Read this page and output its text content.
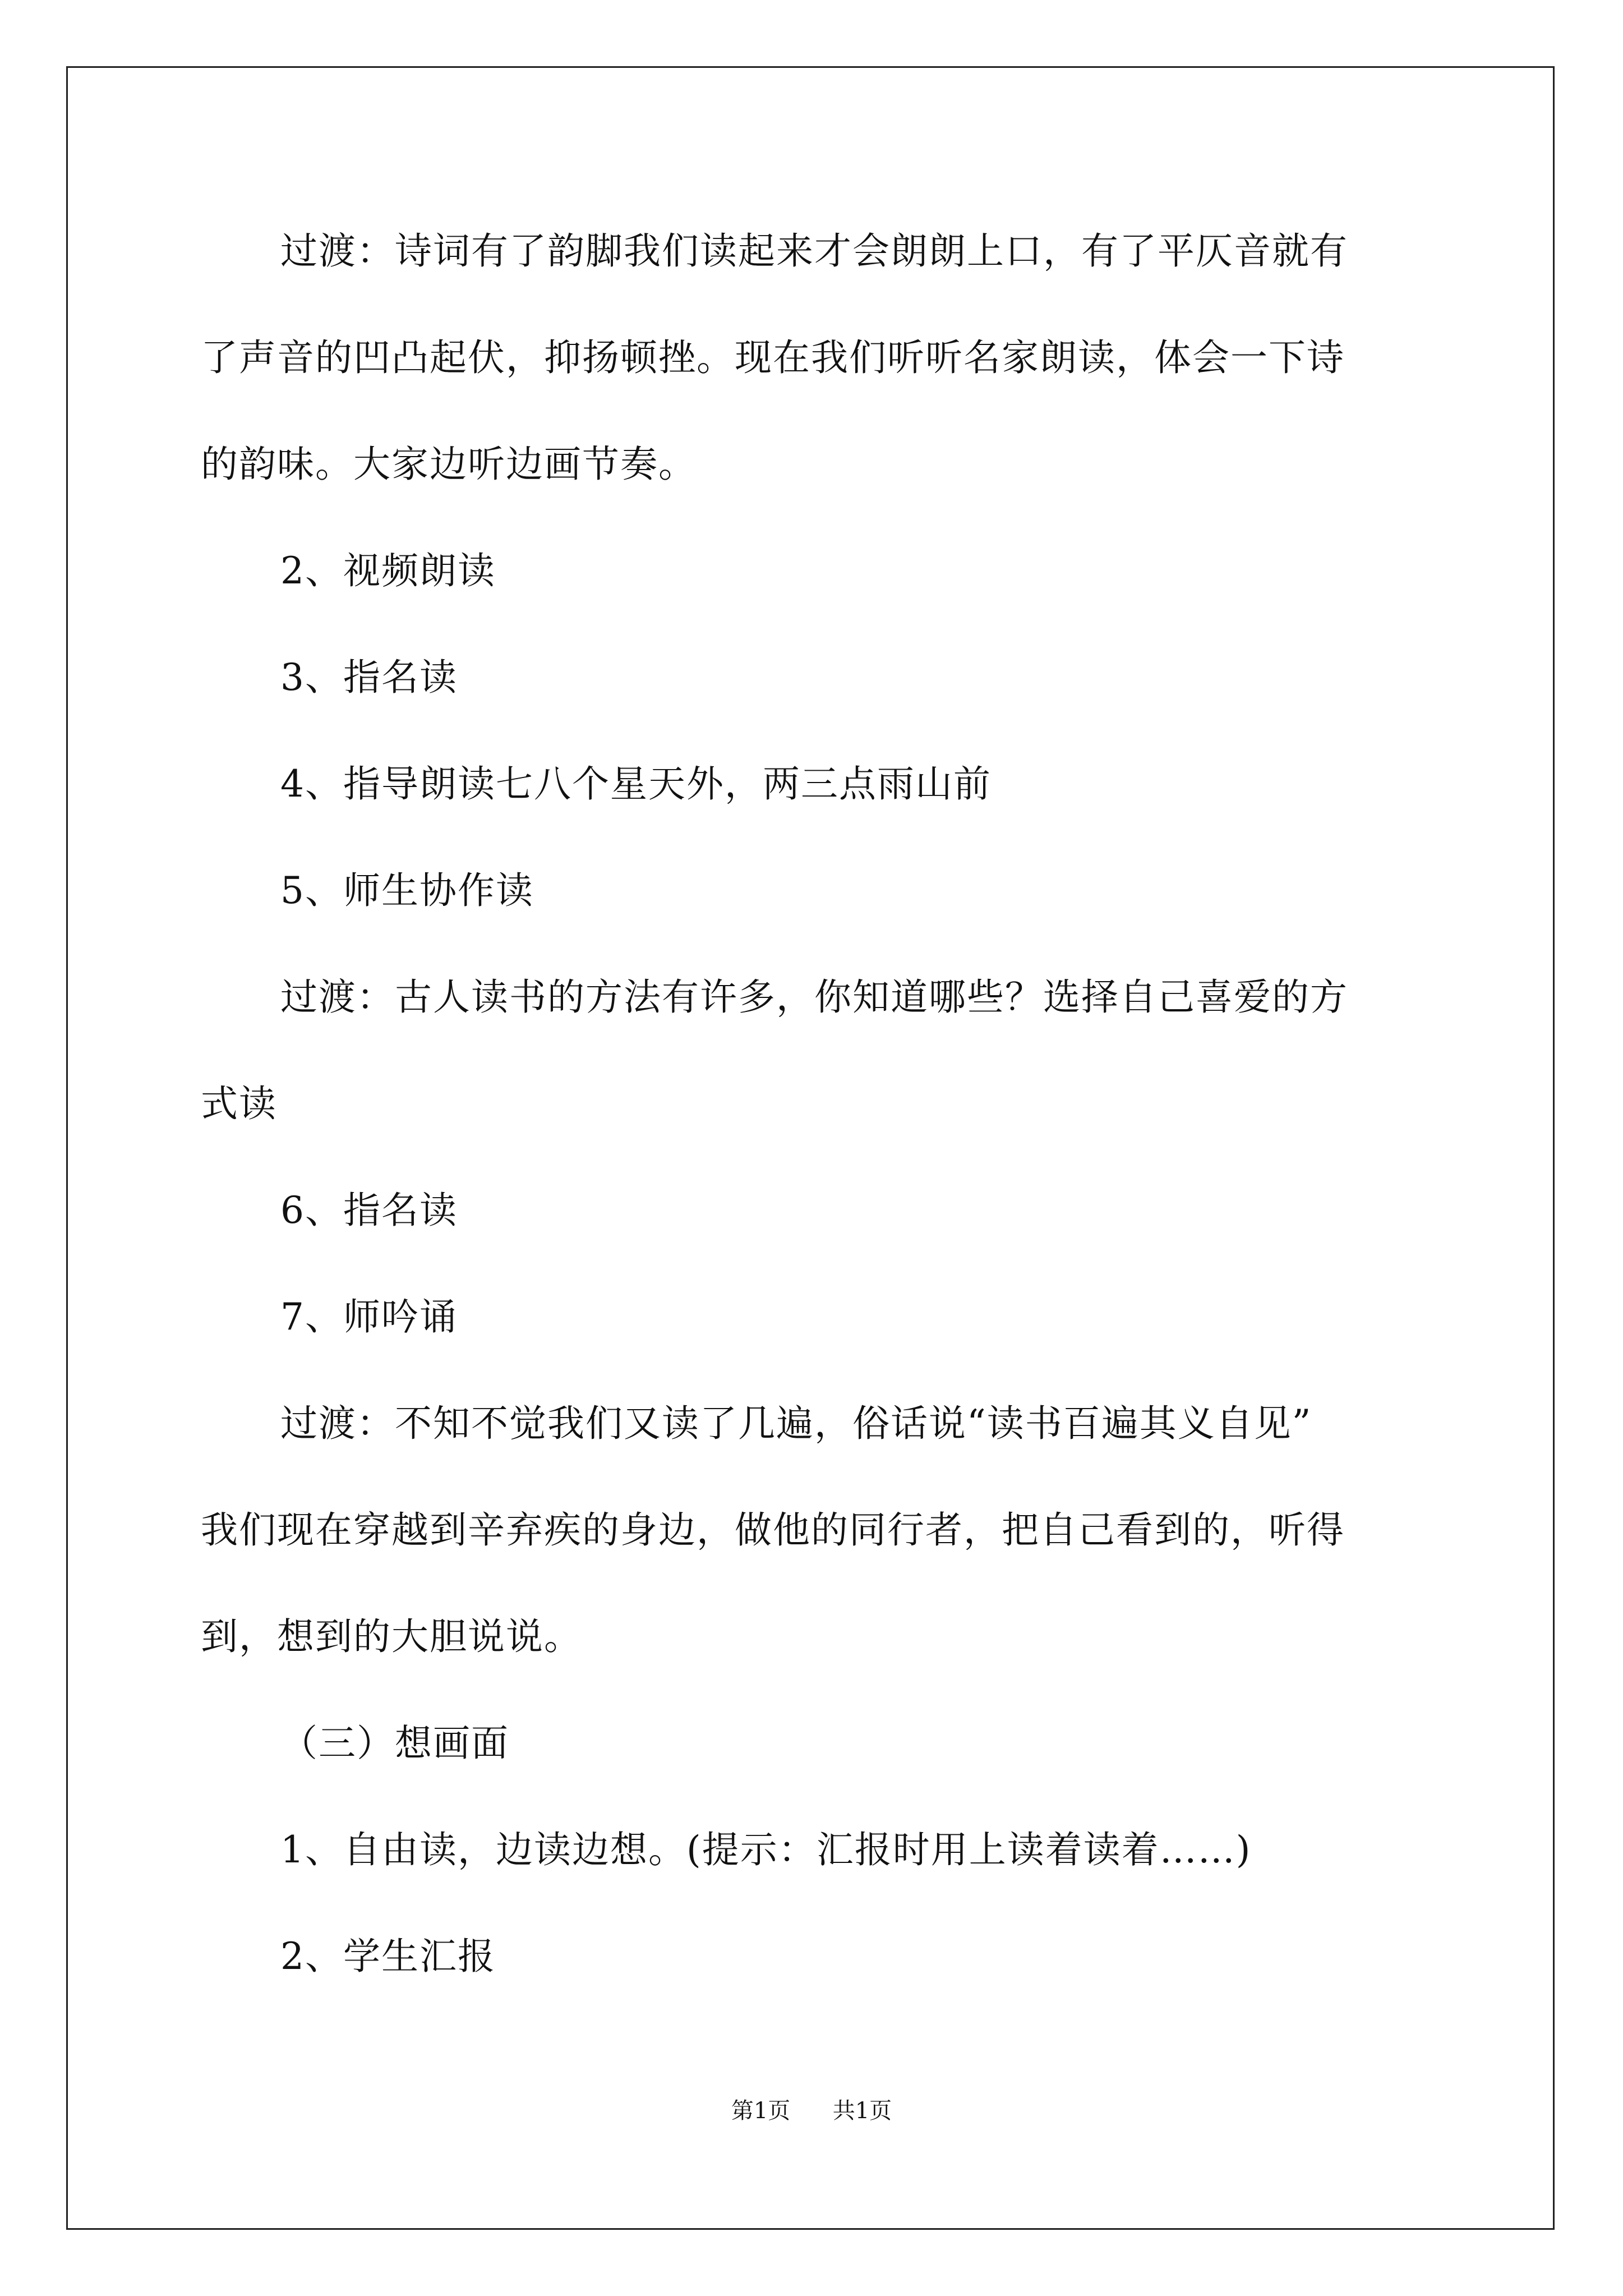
过渡：诗词有了韵脚我们读起来才会朗朗上口，有了平仄音就有
了声音的凹凸起伏，抑扬顿挫。现在我们听听名家朗读，体会一下诗
的韵味。大家边听边画节奏。
2、视频朗读
3、指名读
4、指导朗读七八个星天外，两三点雨山前
5、师生协作读
过渡：古人读书的方法有许多，你知道哪些？选择自己喜爱的方
式读
6、指名读
7、师吟诵
过渡：不知不觉我们又读了几遍，俗话说“读书百遍其义自见”
我们现在穿越到辛弃疾的身边，做他的同行者，把自己看到的，听得
到，想到的大胆说说。
（三）想画面
1、自由读，边读边想。(提示：汇报时用上读着读着……)
2、学生汇报
第1页 共1页
